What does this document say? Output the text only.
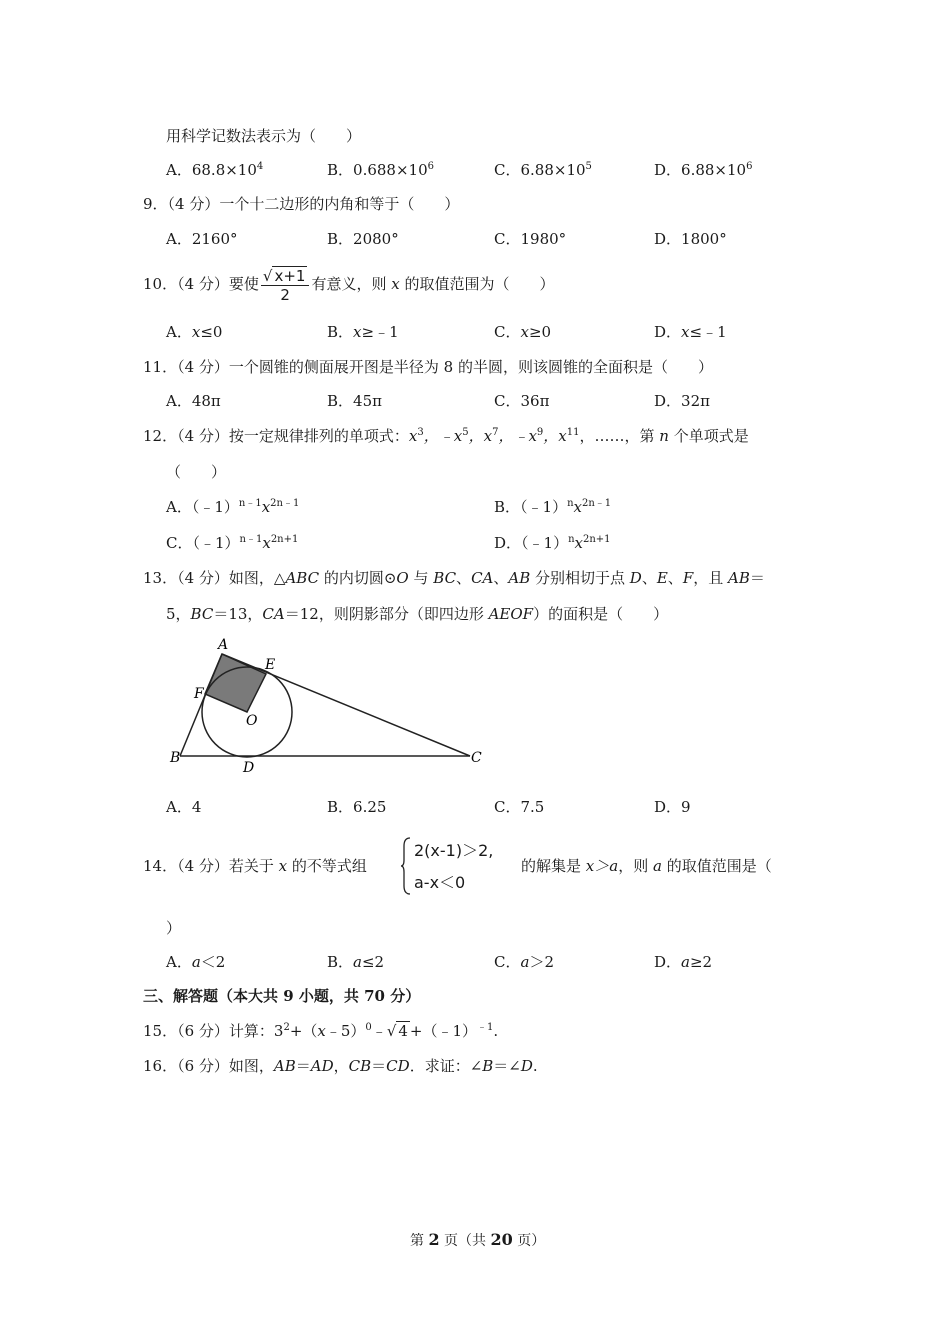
用科学记数法表示为（　　）
A．$68.8\times 10^4$	B．$0.688\times 10^6$	C．$6.88\times 10^5$	D．$6.88\times 10^6$
9．（4 分）一个十二边形的内角和等于（　　）
A．2160°	B．2080°	C．1980°	D．1800°
10．（4 分）要使 $\frac{√ x+1}{2}$ 有意义，则 x 的取值范围为（　　）
A．x≤0	B．x≥﹣1	C．x≥0	D．x≤﹣1
11．（4 分）一个圆锥的侧面展开图是半径为 8 的半圆，则该圆锥的全面积是（　　）
A．48π	B．45π	C．36π	D．32π
12．（4 分）按一定规律排列的单项式：$x^3$，$﹣x^5$，$x^7$，$﹣x^9$，$x^{11}$，……，第 n 个单项式是
（　　）
A．$(﹣1)^{n﹣1}x^{2n﹣1}$	B．$(﹣1)^nx^{2n﹣1}$
C．$(﹣1)^{n﹣1}x^{2n+1}$	D．$(﹣1)^nx^{2n+1}$
13．（4 分）如图，△ABC 的内切圆⊙O 与 BC、CA、AB 分别相切于点 D、E、F，且 AB＝
5，BC＝13，CA＝12，则阴影部分（即四边形 AEOF）的面积是（　　）
A
E
F
O
B
D
C
A．4	B．6.25	C．7.5	D．9
14．（4 分）若关于 x 的不等式组
2(x-1)＞2,
a-x＜0
的解集是 x＞a，则 a 的取值范围是（
）
A．a＜2	B．a≤2	C．a＞2	D．a≥2
三、解答题（本大共 9 小题，共 70 分）
15．（6 分）计算：$3^2+(x﹣5)^0﹣√$ 4 +（﹣1）$^{﹣1}$.
16．（6 分）如图，AB＝AD，CB＝CD．求证：∠B＝∠D.
第 2 页（共 20 页）
